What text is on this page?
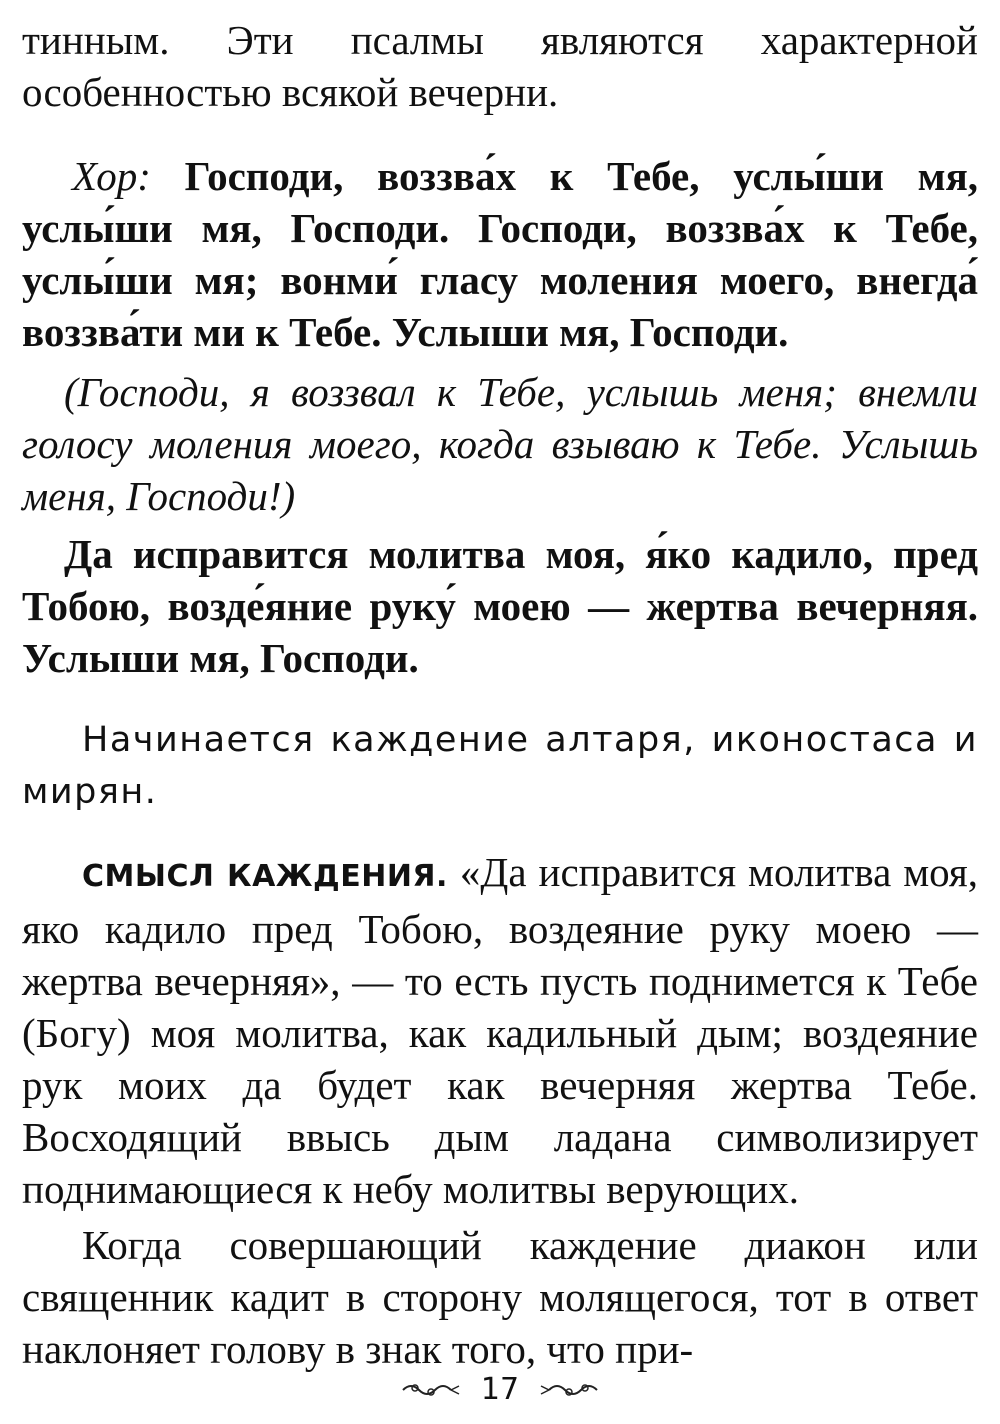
тинным. Эти псалмы являются характерной особенностью всякой вечерни.

Хор: Господи, воззва́х к Тебе, услы́ши мя, услы́ши мя, Господи. Господи, воззва́х к Тебе, услы́ши мя; вонми́ гласу моления моего, внегда́ воззва́ти ми к Тебе. Услыши мя, Господи.

(Господи, я воззвал к Тебе, услышь меня; внемли голосу моления моего, когда взываю к Тебе. Услышь меня, Господи!)

Да исправится молитва моя, я́ко кадило, пред Тобою, возде́яние руку́ моею — жертва вечерняя. Услыши мя, Господи.

Начинается каждение алтаря, иконостаса и мирян.

СМЫСЛ КАЖДЕНИЯ. «Да исправится молитва моя, яко кадило пред Тобою, воздеяние руку моею — жертва вечерняя», — то есть пусть поднимется к Тебе (Богу) моя молитва, как кадильный дым; воздеяние рук моих да будет как вечерняя жертва Тебе. Восходящий ввысь дым ладана символизирует поднимающиеся к небу молитвы верующих.

Когда совершающий каждение диакон или священник кадит в сторону молящегося, тот в ответ наклоняет голову в знак того, что при-

17
